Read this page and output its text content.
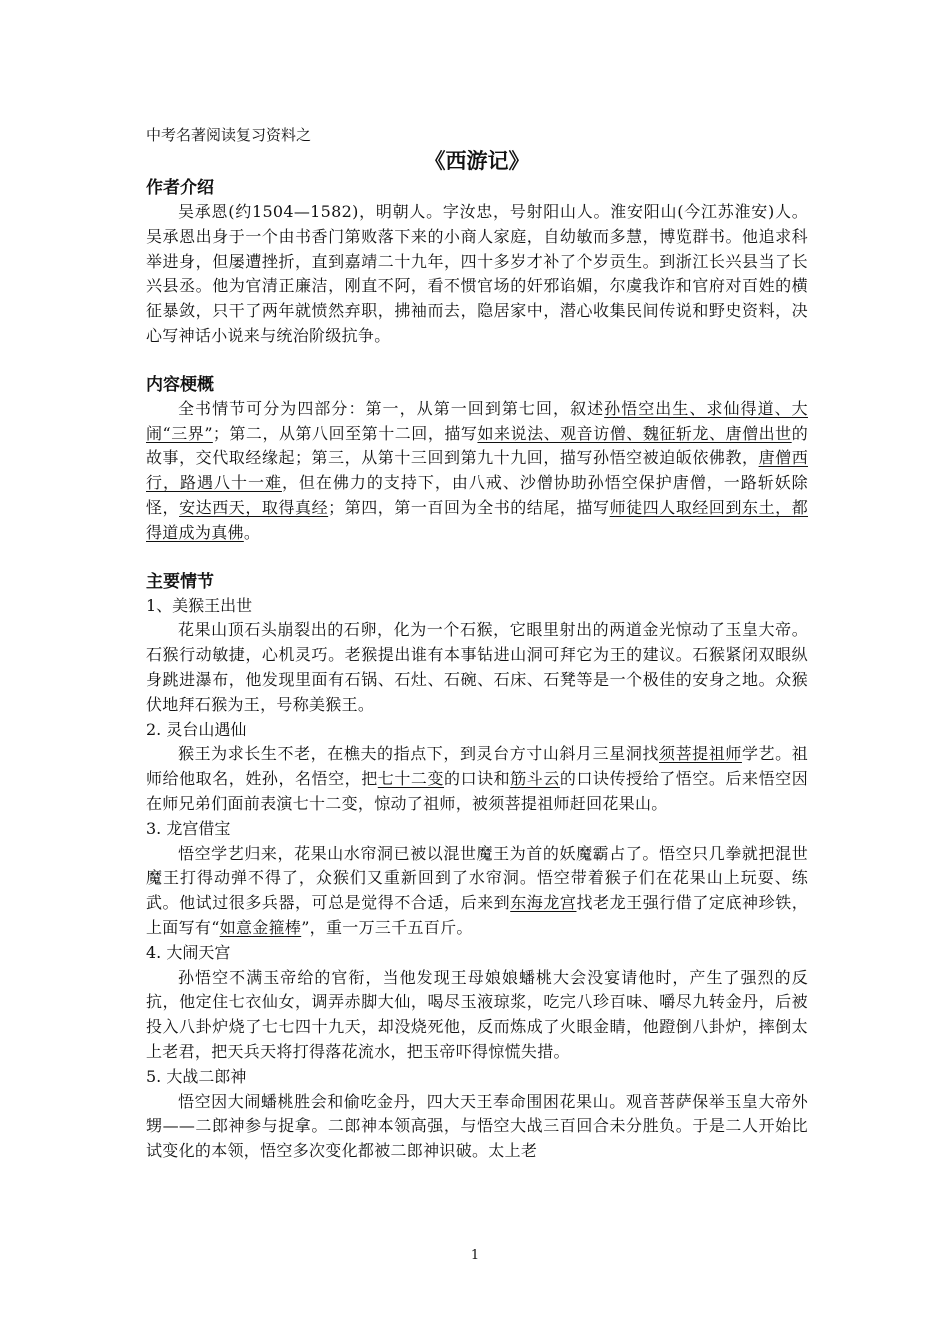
中考名著阅读复习资料之
《西游记》
作者介绍

吴承恩(约1504—1582)，明朝人。字汝忠，号射阳山人。淮安阳山(今江苏淮安)人。吴承恩出身于一个由书香门第败落下来的小商人家庭，自幼敏而多慧，博览群书。他追求科举进身，但屡遭挫折，直到嘉靖二十九年，四十多岁才补了个岁贡生。到浙江长兴县当了长兴县丞。他为官清正廉洁，刚直不阿，看不惯官场的奸邪谄媚，尔虞我诈和官府对百姓的横征暴敛，只干了两年就愤然弃职，拂袖而去，隐居家中，潜心收集民间传说和野史资料，决心写神话小说来与统治阶级抗争。

内容梗概

全书情节可分为四部分：第一，从第一回到第七回，叙述孙悟空出生、求仙得道、大闹“三界”；第二，从第八回至第十二回，描写如来说法、观音访僧、魏征斩龙、唐僧出世的故事，交代取经缘起；第三，从第十三回到第九十九回，描写孙悟空被迫皈依佛教，唐僧西行，路遇八十一难，但在佛力的支持下，由八戒、沙僧协助孙悟空保护唐僧，一路斩妖除怪，安达西天，取得真经；第四，第一百回为全书的结尾，描写师徒四人取经回到东土，都得道成为真佛。

主要情节
1、美猴王出世

花果山顶石头崩裂出的石卵，化为一个石猴，它眼里射出的两道金光惊动了玉皇大帝。石猴行动敏捷，心机灵巧。老猴提出谁有本事钻进山洞可拜它为王的建议。石猴紧闭双眼纵身跳进瀑布，他发现里面有石锅、石灶、石碗、石床、石凳等是一个极佳的安身之地。众猴伏地拜石猴为王，号称美猴王。

2. 灵台山遇仙

猴王为求长生不老，在樵夫的指点下，到灵台方寸山斜月三星洞找须菩提祖师学艺。祖师给他取名，姓孙，名悟空，把七十二变的口诀和筋斗云的口诀传授给了悟空。后来悟空因在师兄弟们面前表演七十二变，惊动了祖师，被须菩提祖师赶回花果山。

3. 龙宫借宝

悟空学艺归来，花果山水帘洞已被以混世魔王为首的妖魔霸占了。悟空只几拳就把混世魔王打得动弹不得了，众猴们又重新回到了水帘洞。悟空带着猴子们在花果山上玩耍、练武。他试过很多兵器，可总是觉得不合适，后来到东海龙宫找老龙王强行借了定底神珍铁，上面写有“如意金箍棒”，重一万三千五百斤。

4. 大闹天宫

孙悟空不满玉帝给的官衔，当他发现王母娘娘蟠桃大会没宴请他时，产生了强烈的反抗，他定住七衣仙女，调弄赤脚大仙，喝尽玉液琼浆，吃完八珍百味、嚼尽九转金丹，后被投入八卦炉烧了七七四十九天，却没烧死他，反而炼成了火眼金睛，他蹬倒八卦炉，摔倒太上老君，把天兵天将打得落花流水，把玉帝吓得惊慌失措。

5. 大战二郎神

悟空因大闹蟠桃胜会和偷吃金丹，四大天王奉命围困花果山。观音菩萨保举玉皇大帝外甥——二郎神参与捉拿。二郎神本领高强，与悟空大战三百回合未分胜负。于是二人开始比试变化的本领，悟空多次变化都被二郎神识破。太上老

1
